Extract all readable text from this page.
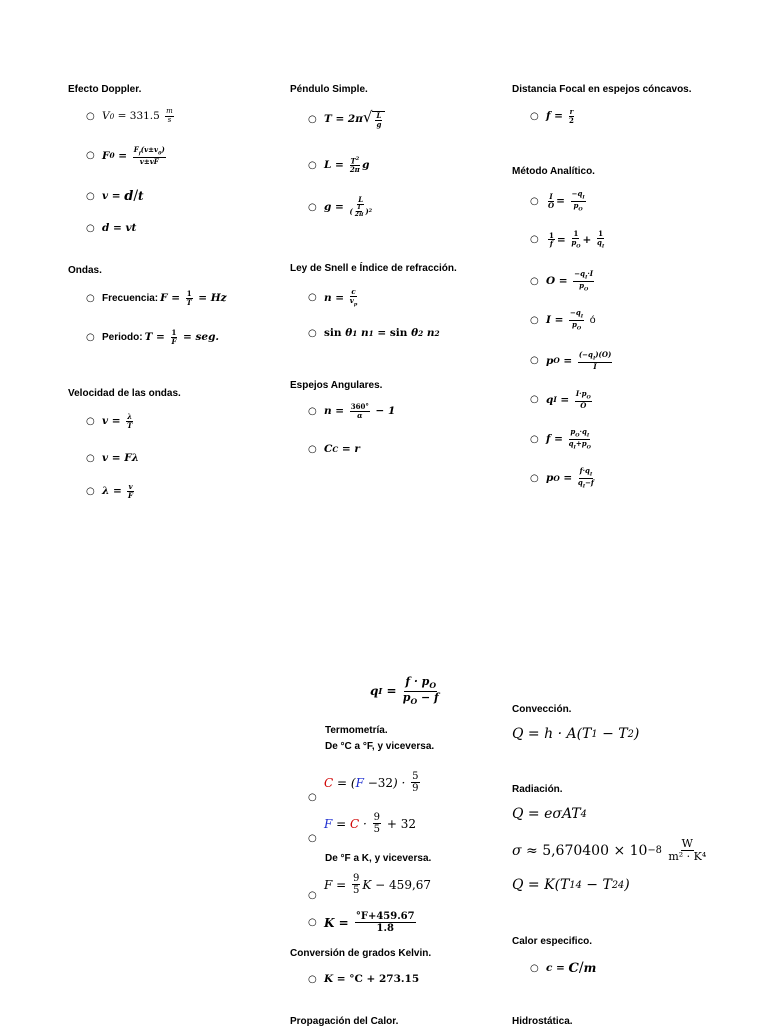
Efecto Doppler.
○ V 0 = 331.5
$\frac{m}{s}$
○ F $0 = \frac{F_f(v\pm v_0)}{v\pm vF}$
○ v = d / t
○ d = vt
Ondas.
○ Frecuencia: $F = \frac{1}{T} = Hz$
○ Periodo: $T = \frac{1}{F}$ = seg.
Velocidad de las ondas.
○ $v = \frac{\lambda}{T}$
○ v = Fλ
○ $\lambda = \frac{v}{F}$
Péndulo Simple.
○ T = 2π √ $\frac{L}{g}$
○ $L = \frac{T^2}{2\pi}$ g
○ $g = \frac{L}{( \frac{T}{2\pi} ) 2}$
Ley de Snell e Índice de refracción.
○ $n = \frac{c}{v_p}$
○ sin θ 1 n 1 = sin θ 2 n 2
Espejos Angulares.
○ $n = \frac{360^\circ}{\alpha} - 1$
○ C C = r
q $I = \frac{f \cdot p_O}{p_O - f}$
Termometría.
De °C a °F, y viceversa.
○
C = ( F − 32 ) · $\frac{5}{9}$
○
$F = C \cdot \frac{9}{5} + 32$
De °F a K, y viceversa.
○
$F = \frac{9}{5}$ K − 459,67
○ $K = \frac{^\circ F+459.67}{1.8}$
Conversión de grados Kelvin.
○ K = °C + 273.15
Propagación del Calor.
Distancia Focal en espejos cóncavos.
○ $f = \frac{r}{2}$
Método Analítico.
○	$\frac{I}{O} = \frac{-q_I}{p_O}$
○	$\frac{1}{f} = \frac{1}{p_O} + \frac{1}{q_I}$
○ $O = \frac{-q_I\cdot I}{p_O}$
○ $I = \frac{-q_I}{p_O}$
ó
○ p $O = \frac{(-q_I)(O)}{I}$
○ q $I = \frac{I\cdot p_O}{O}$
○ $f = \frac{p_O\cdot q_I}{q_I+p_O}$
○ p $O = \frac{f\cdot q_I}{q_I-f}$
Convección.
Q = h · A(T 1 − T 2 )
Radiación.
Q = eσAT 4
σ ≈ 5,670400 × 10 −8
$\frac{W}{\text{m² · K⁴}}$
Q = K(T 1 4 − T 2 4 )
Calor especifico.
○ c = C / m
Hidrostática.
